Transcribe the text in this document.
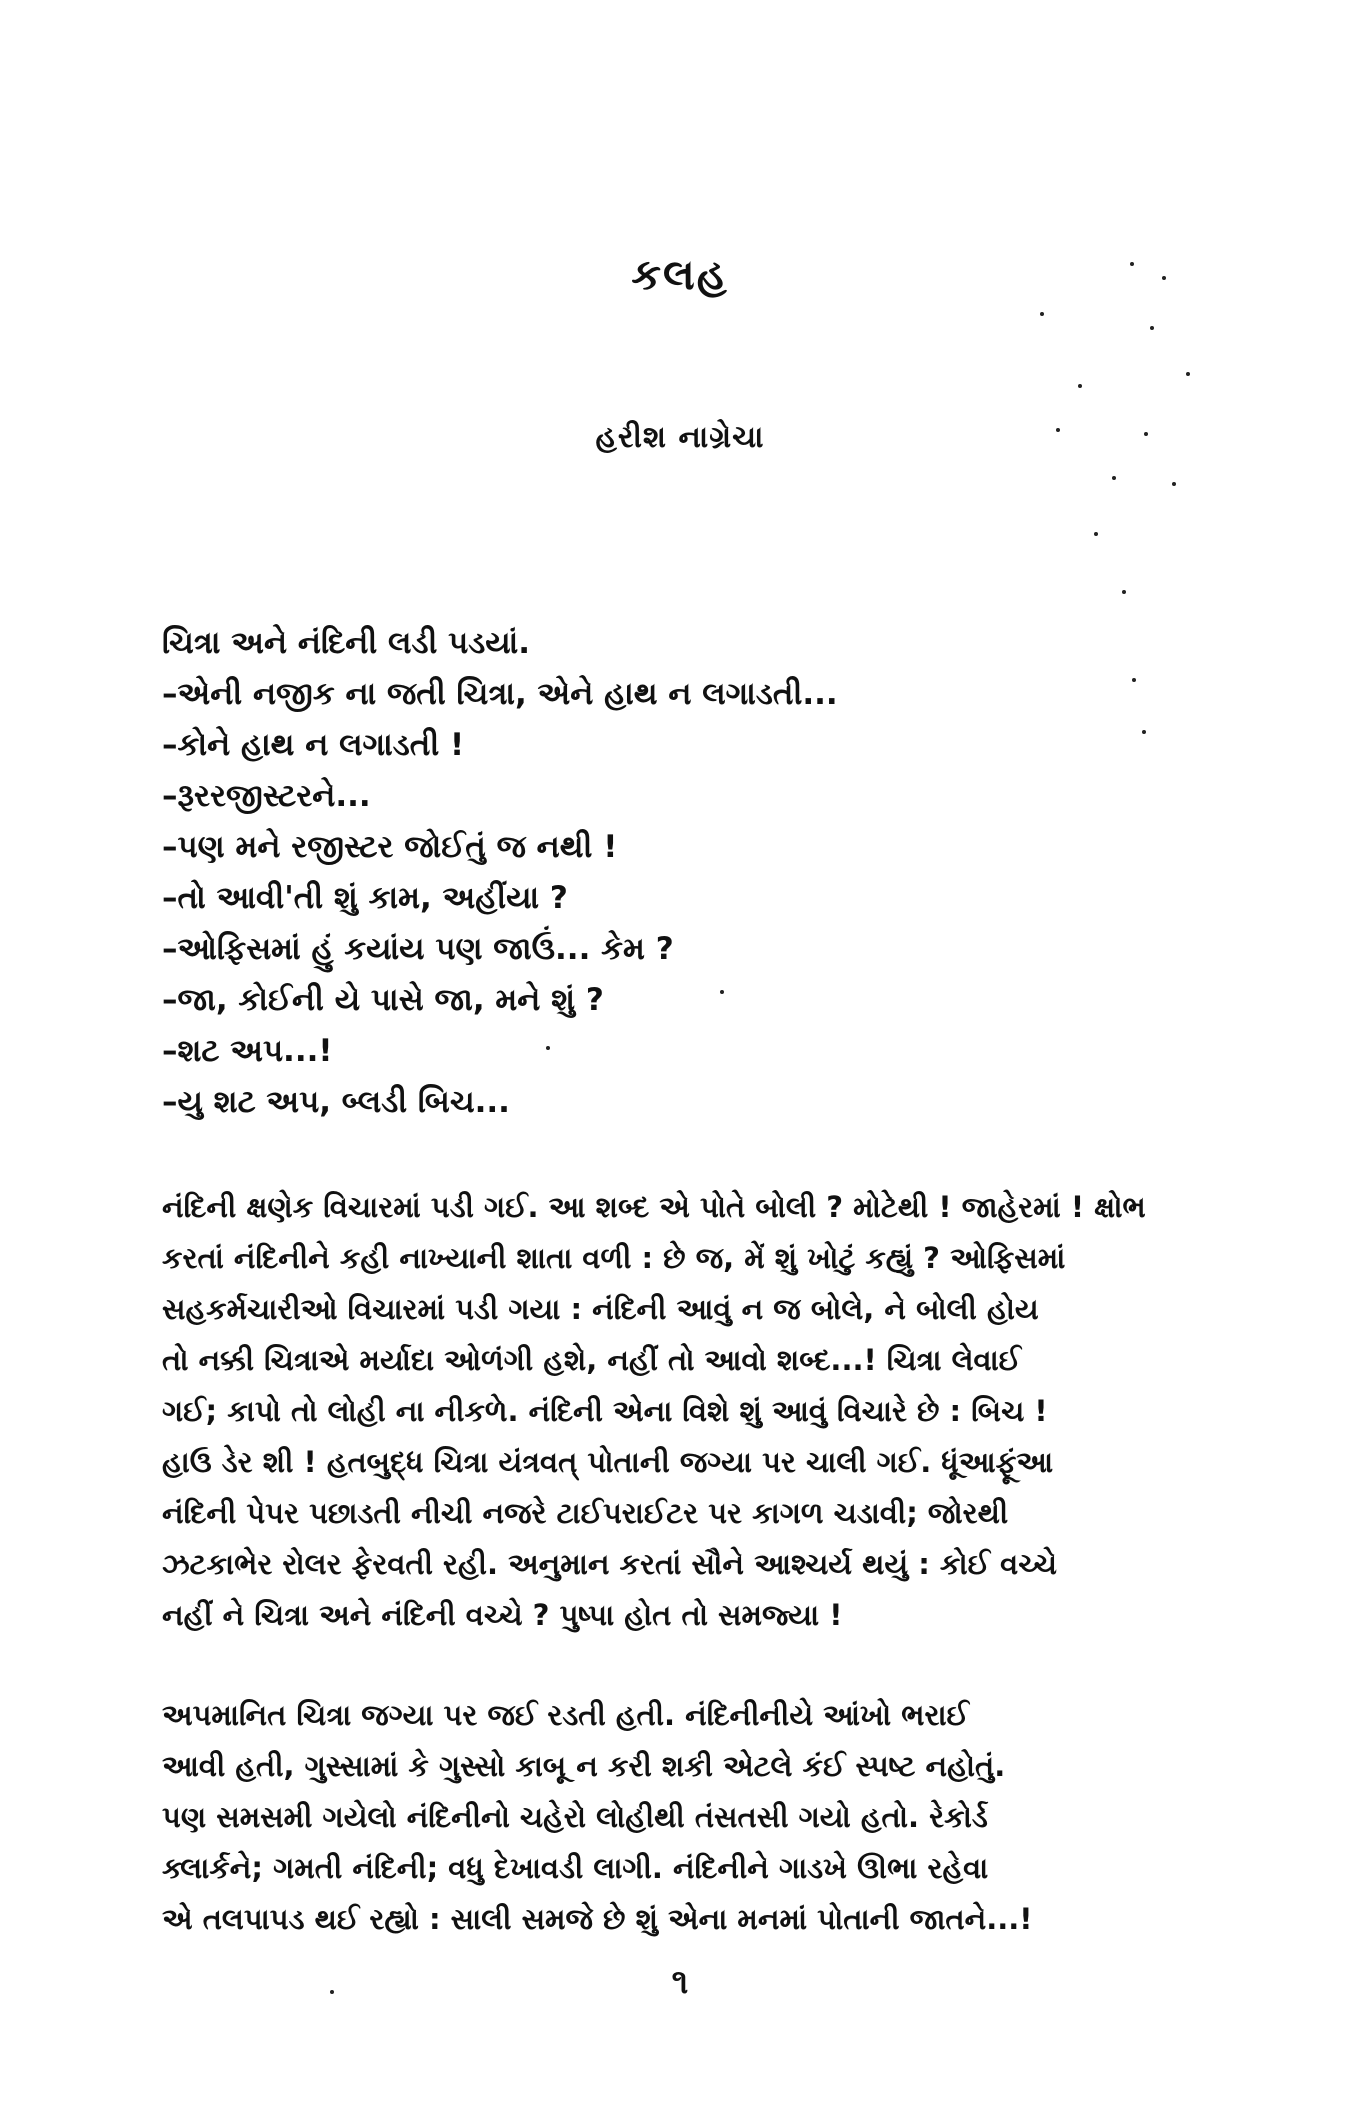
કલહ
હરીશ નાગ્રેચા
ચિત્રા અને નંદિની લડી પડયાં.
–એની નજીક ના જતી ચિત્રા, એને હાથ ન લગાડતી...
–કોને હાથ ન લગાડતી !
–રૂરરજીસ્ટરને...
–પણ મને રજીસ્ટર જોઈતું જ નથી !
–તો આવી'તી શું કામ, અહીંયા ?
–ઓફિસમાં હું કયાંય પણ જાઉં... કેમ ?
–જા, કોઈની યે પાસે જા, મને શું ?
–શટ અપ...!
–યુ શટ અપ, બ્લડી બિચ...
નંદિની ક્ષણેક વિચારમાં પડી ગઈ. આ શબ્દ એ પોતે બોલી ? મોટેથી ! જાહેરમાં ! ક્ષોભ
કરતાં નંદિનીને કહી નાખ્યાની શાતા વળી : છે જ, મેં શું ખોટું કહ્યું ? ઓફિસમાં
સહકર્મચારીઓ વિચારમાં પડી ગયા : નંદિની આવું ન જ બોલે, ને બોલી હોય
તો નક્કી ચિત્રાએ મર્યાદા ઓળંગી હશે, નહીં તો આવો શબ્દ...! ચિત્રા લેવાઈ
ગઈ; કાપો તો લોહી ના નીકળે. નંદિની એના વિશે શું આવું વિચારે છે : બિચ !
હાઉ ડેર શી ! હતબુદ્ધ ચિત્રા યંત્રવત્ પોતાની જગ્યા પર ચાલી ગઈ. ધૂંઆફૂંઆ
નંદિની પેપર પછાડતી નીચી નજરે ટાઈપરાઈટર પર કાગળ ચડાવી; જોરથી
ઝટકાભેર રોલર ફેરવતી રહી. અનુમાન કરતાં સૌને આશ્ચર્ય થયું : કોઈ વચ્ચે
નહીં ને ચિત્રા અને નંદિની વચ્ચે ? પુષ્પા હોત તો સમજ્યા !
અપમાનિત ચિત્રા જગ્યા પર જઈ રડતી હતી. નંદિનીનીયે આંખો ભરાઈ
આવી હતી, ગુસ્સામાં કે ગુસ્સો કાબૂ ન કરી શકી એટલે કંઈ સ્પષ્ટ નહોતું.
પણ સમસમી ગયેલો નંદિનીનો ચહેરો લોહીથી તંસતસી ગયો હતો. રેકોર્ડ
ક્લાર્કને; ગમતી નંદિની; વધુ દેખાવડી લાગી. નંદિનીને ગાડખે ઊભા રહેવા
એ તલપાપડ થઈ રહ્યો : સાલી સમજે છે શું એના મનમાં પોતાની જાતને...!
૧
